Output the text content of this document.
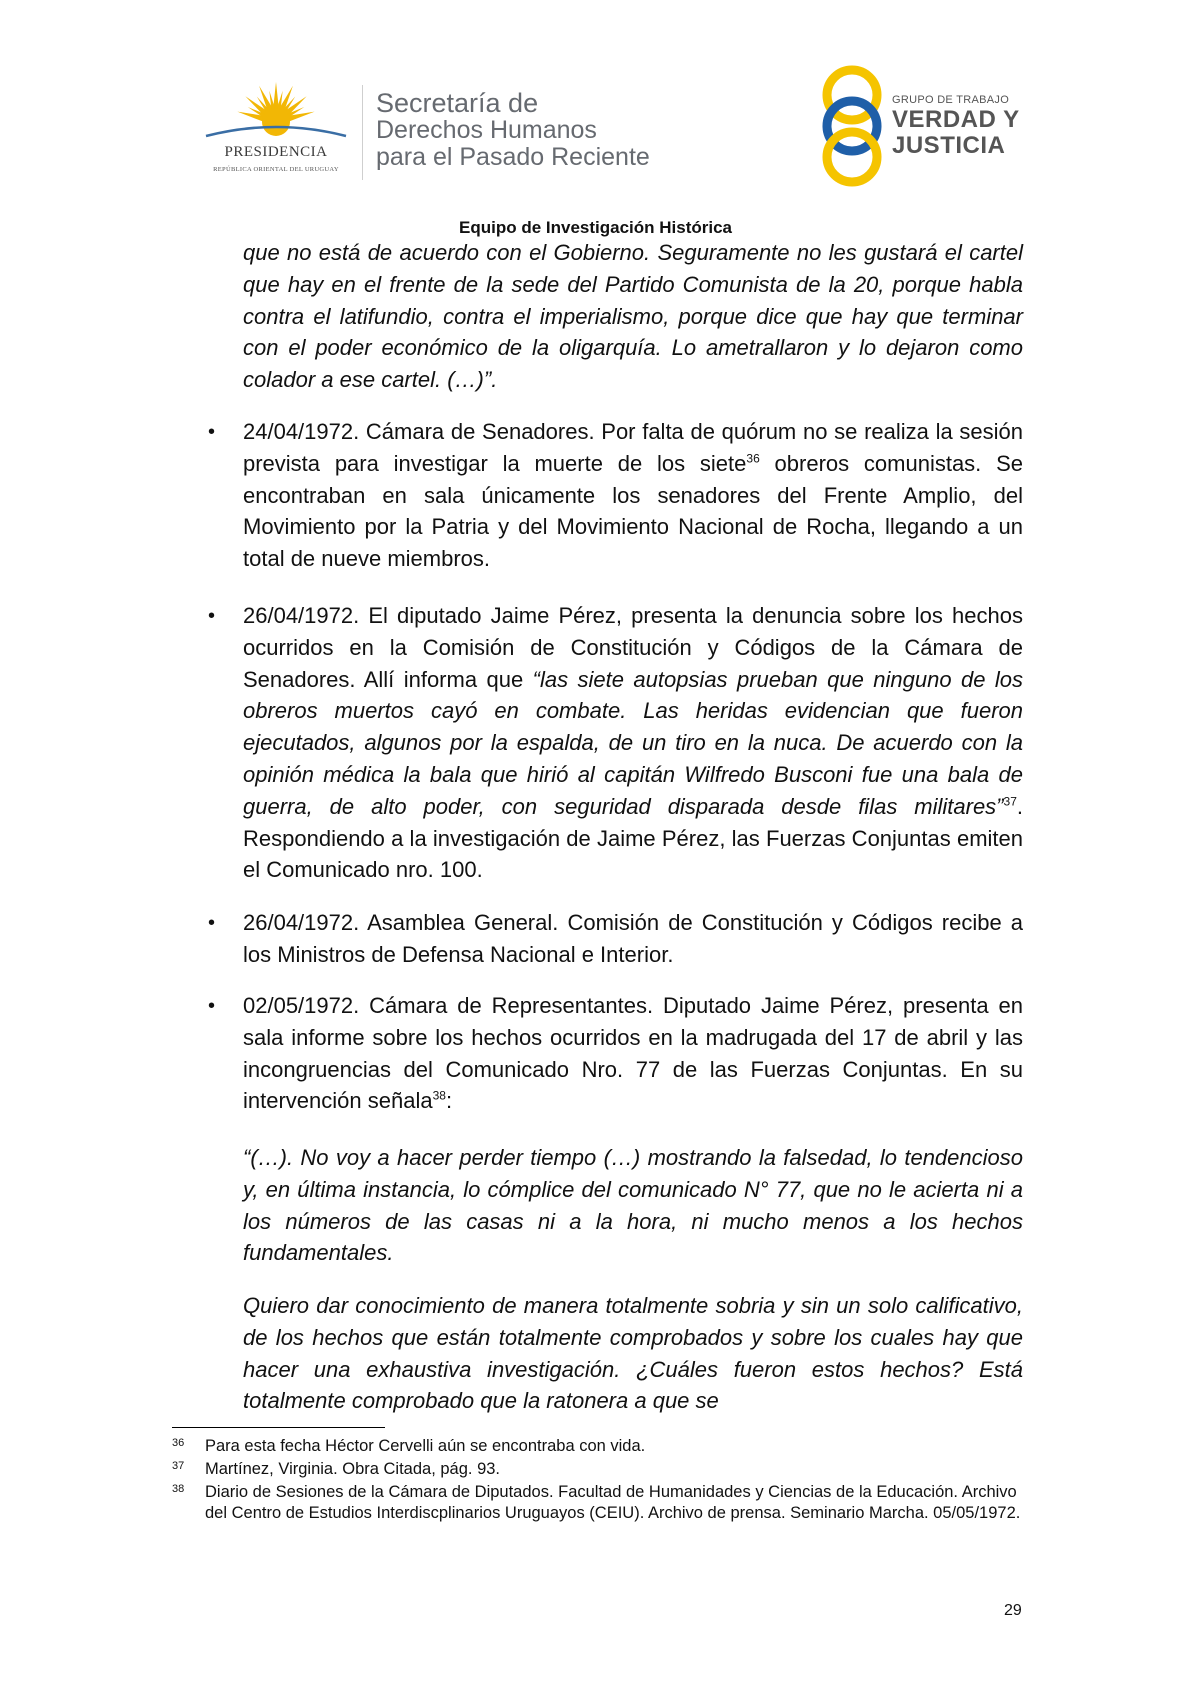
PRESIDENCIA
REPÚBLICA ORIENTAL DEL URUGUAY
Secretaría de
Derechos Humanos
para el Pasado Reciente
GRUPO DE TRABAJO
VERDAD Y
JUSTICIA
Equipo de Investigación Histórica

que no está de acuerdo con el Gobierno. Seguramente no les gustará el cartel que hay en el frente de la sede del Partido Comunista de la 20, porque habla contra el latifundio, contra el imperialismo, porque dice que hay que terminar con el poder económico de la oligarquía. Lo ametrallaron y lo dejaron como colador a ese cartel. (…)”.

• 24/04/1972. Cámara de Senadores. Por falta de quórum no se realiza la sesión prevista para investigar la muerte de los siete$^{36}$ obreros comunistas. Se encontraban en sala únicamente los senadores del Frente Amplio, del Movimiento por la Patria y del Movimiento Nacional de Rocha, llegando a un total de nueve miembros.

• 26/04/1972. El diputado Jaime Pérez, presenta la denuncia sobre los hechos ocurridos en la Comisión de Constitución y Códigos de la Cámara de Senadores. Allí informa que “las siete autopsias prueban que ninguno de los obreros muertos cayó en combate. Las heridas evidencian que fueron ejecutados, algunos por la espalda, de un tiro en la nuca. De acuerdo con la opinión médica la bala que hirió al capitán Wilfredo Busconi fue una bala de guerra, de alto poder, con seguridad disparada desde filas militares”$^{37}$. Respondiendo a la investigación de Jaime Pérez, las Fuerzas Conjuntas emiten el Comunicado nro. 100.

• 26/04/1972. Asamblea General. Comisión de Constitución y Códigos recibe a los Ministros de Defensa Nacional e Interior.

• 02/05/1972. Cámara de Representantes. Diputado Jaime Pérez, presenta en sala informe sobre los hechos ocurridos en la madrugada del 17 de abril y las incongruencias del Comunicado Nro. 77 de las Fuerzas Conjuntas. En su intervención señala$^{38}$:

“(…). No voy a hacer perder tiempo (…) mostrando la falsedad, lo tendencioso y, en última instancia, lo cómplice del comunicado N° 77, que no le acierta ni a los números de las casas ni a la hora, ni mucho menos a los hechos fundamentales.

Quiero dar conocimiento de manera totalmente sobria y sin un solo calificativo, de los hechos que están totalmente comprobados y sobre los cuales hay que hacer una exhaustiva investigación. ¿Cuáles fueron estos hechos? Está totalmente comprobado que la ratonera a que se

36 Para esta fecha Héctor Cervelli aún se encontraba con vida.
37 Martínez, Virginia. Obra Citada, pág. 93.
38 Diario de Sesiones de la Cámara de Diputados. Facultad de Humanidades y Ciencias de la Educación. Archivo del Centro de Estudios Interdiscplinarios Uruguayos (CEIU). Archivo de prensa. Seminario Marcha. 05/05/1972.
29
